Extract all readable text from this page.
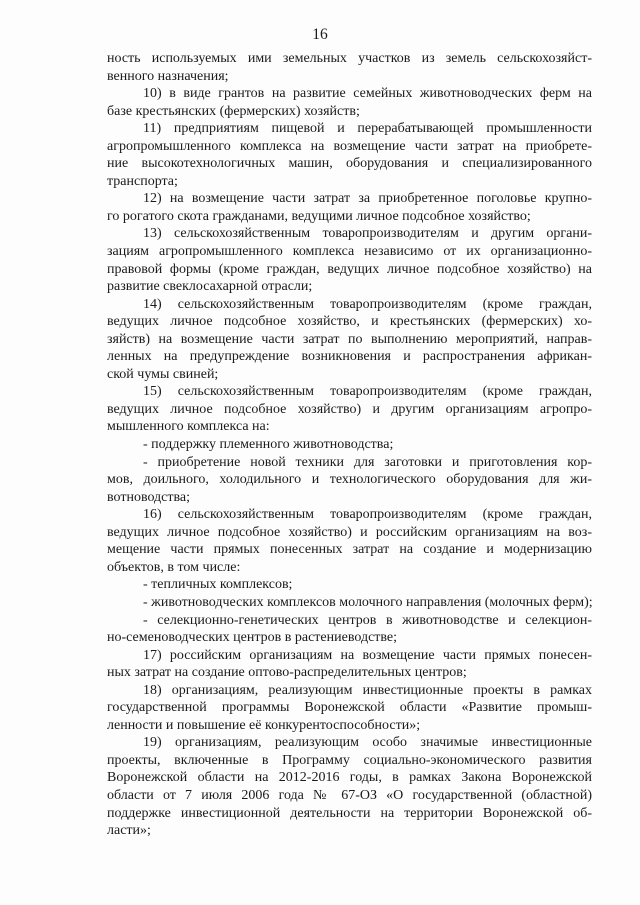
16
ность используемых ими земельных участков из земель сельскохозяйст-
венного назначения;
10) в виде грантов на развитие семейных животноводческих ферм на
базе крестьянских (фермерских) хозяйств;
11) предприятиям пищевой и перерабатывающей промышленности
агропромышленного комплекса на возмещение части затрат на приобрете-
ние высокотехнологичных машин, оборудования и специализированного
транспорта;
12) на возмещение части затрат за приобретенное поголовье крупно-
го рогатого скота гражданами, ведущими личное подсобное хозяйство;
13) сельскохозяйственным товаропроизводителям и другим органи-
зациям агропромышленного комплекса независимо от их организационно-
правовой формы (кроме граждан, ведущих личное подсобное хозяйство) на
развитие свеклосахарной отрасли;
14) сельскохозяйственным товаропроизводителям (кроме граждан,
ведущих личное подсобное хозяйство, и крестьянских (фермерских) хо-
зяйств) на возмещение части затрат по выполнению мероприятий, направ-
ленных на предупреждение возникновения и распространения африкан-
ской чумы свиней;
15) сельскохозяйственным товаропроизводителям (кроме граждан,
ведущих личное подсобное хозяйство) и другим организациям агропро-
мышленного комплекса на:
- поддержку племенного животноводства;
- приобретение новой техники для заготовки и приготовления кор-
мов, доильного, холодильного и технологического оборудования для жи-
вотноводства;
16) сельскохозяйственным товаропроизводителям (кроме граждан,
ведущих личное подсобное хозяйство) и российским организациям на воз-
мещение части прямых понесенных затрат на создание и модернизацию
объектов, в том числе:
- тепличных комплексов;
- животноводческих комплексов молочного направления (молочных ферм);
- селекционно-генетических центров в животноводстве и селекцион-
но-семеноводческих центров в растениеводстве;
17) российским организациям на возмещение части прямых понесен-
ных затрат на создание оптово-распределительных центров;
18) организациям, реализующим инвестиционные проекты в рамках
государственной программы Воронежской области «Развитие промыш-
ленности и повышение её конкурентоспособности»;
19) организациям, реализующим особо значимые инвестиционные
проекты, включенные в Программу социально-экономического развития
Воронежской области на 2012-2016 годы, в рамках Закона Воронежской
области от 7 июля 2006 года № 67-ОЗ «О государственной (областной)
поддержке инвестиционной деятельности на территории Воронежской об-
ласти»;
